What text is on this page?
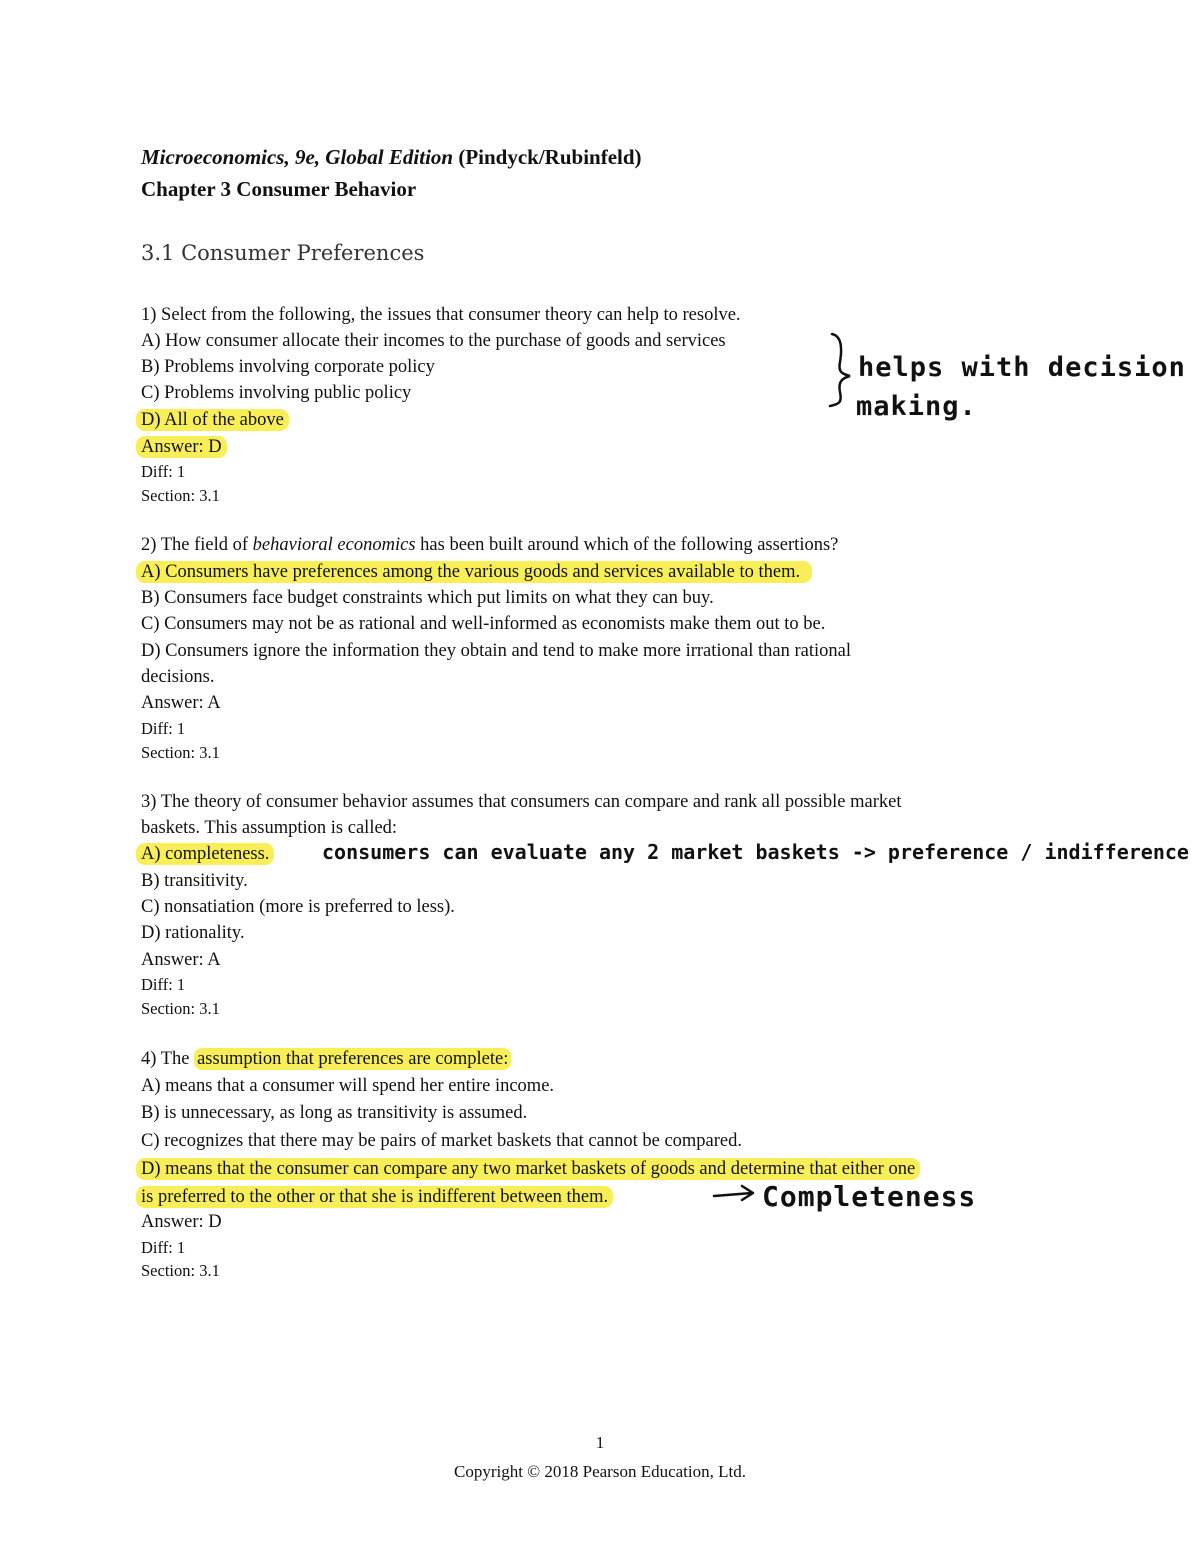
Microeconomics, 9e, Global Edition (Pindyck/Rubinfeld)
Chapter 3 Consumer Behavior
3.1 Consumer Preferences
1) Select from the following, the issues that consumer theory can help to resolve.
A) How consumer allocate their incomes to the purchase of goods and services
B) Problems involving corporate policy
C) Problems involving public policy
D) All of the above
Answer: D
Diff: 1
Section: 3.1
2) The field of behavioral economics has been built around which of the following assertions?
A) Consumers have preferences among the various goods and services available to them.
B) Consumers face budget constraints which put limits on what they can buy.
C) Consumers may not be as rational and well-informed as economists make them out to be.
D) Consumers ignore the information they obtain and tend to make more irrational than rational
decisions.
Answer: A
Diff: 1
Section: 3.1
3) The theory of consumer behavior assumes that consumers can compare and rank all possible market
baskets. This assumption is called:
A) completeness.
B) transitivity.
C) nonsatiation (more is preferred to less).
D) rationality.
Answer: A
Diff: 1
Section: 3.1
4) The assumption that preferences are complete:
A) means that a consumer will spend her entire income.
B) is unnecessary, as long as transitivity is assumed.
C) recognizes that there may be pairs of market baskets that cannot be compared.
D) means that the consumer can compare any two market baskets of goods and determine that either one
is preferred to the other or that she is indifferent between them.
Answer: D
Diff: 1
Section: 3.1
helps with decision
making.
consumers can evaluate any 2 market baskets -> preference / indifference
Completeness
1
Copyright © 2018 Pearson Education, Ltd.
